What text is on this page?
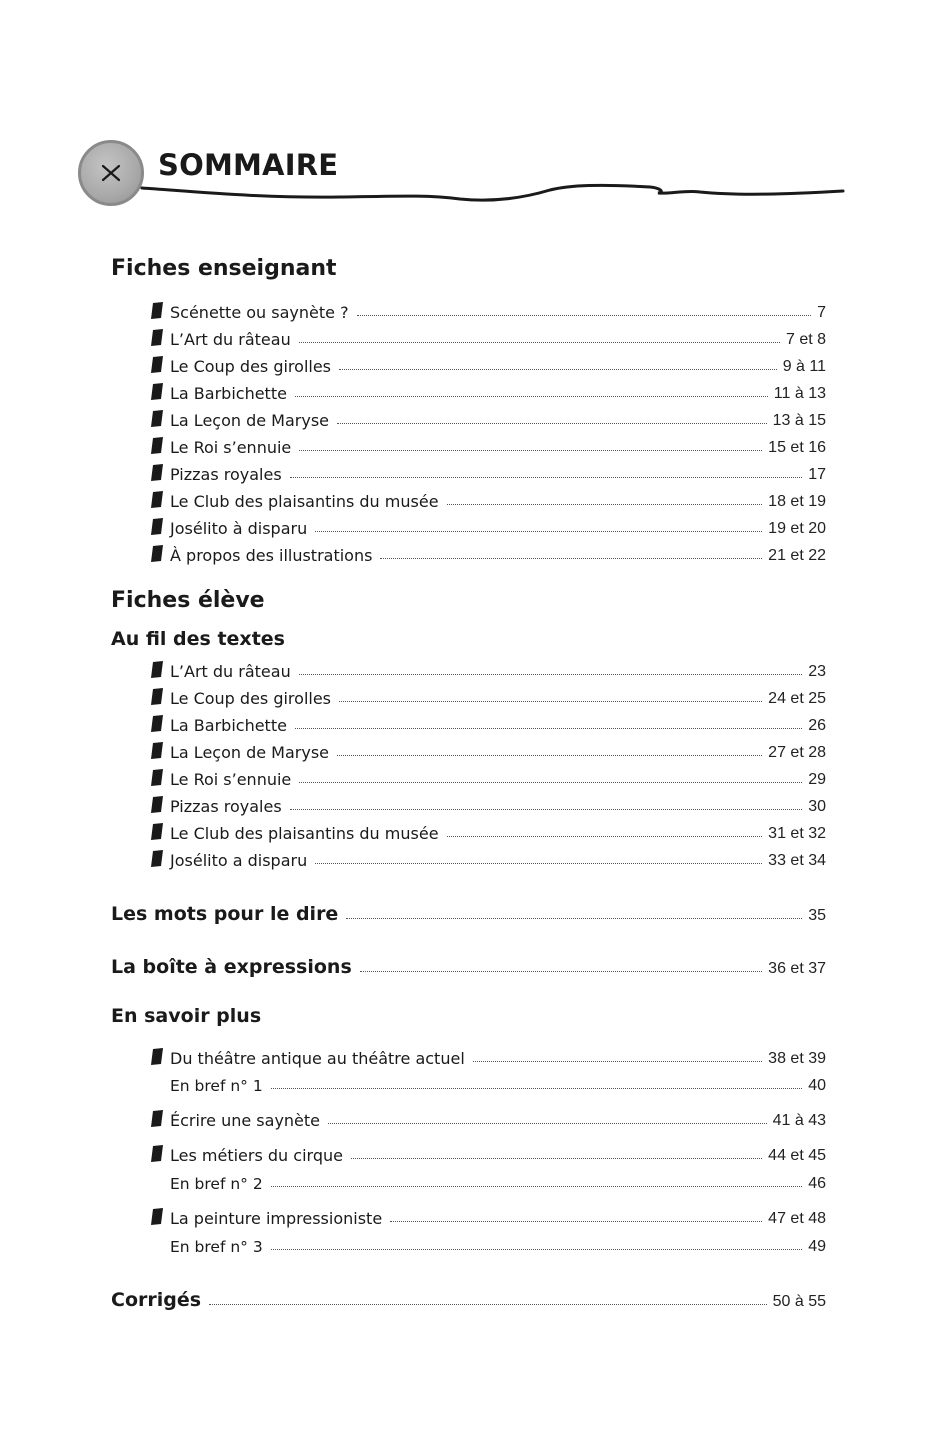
SOMMAIRE
Fiches enseignant
Scénette ou saynète ?	7
L’Art du râteau	7 et 8
Le Coup des girolles	9 à 11
La Barbichette	11 à 13
La Leçon de Maryse	13 à 15
Le Roi s’ennuie	15 et 16
Pizzas royales	17
Le Club des plaisantins du musée	18 et 19
Josélito à disparu	19 et 20
À propos des illustrations	21 et 22
Fiches élève
Au fil des textes
L’Art du râteau	23
Le Coup des girolles	24 et 25
La Barbichette	26
La Leçon de Maryse	27 et 28
Le Roi s’ennuie	29
Pizzas royales	30
Le Club des plaisantins du musée	31 et 32
Josélito a disparu	33 et 34
Les mots pour le dire	35
La boîte à expressions	36 et 37
En savoir plus
Du théâtre antique au théâtre actuel	38 et 39
En bref n° 1	40
Écrire une saynète	41 à 43
Les métiers du cirque	44 et 45
En bref n° 2	46
La peinture impressioniste	47 et 48
En bref n° 3	49
Corrigés	50 à 55
